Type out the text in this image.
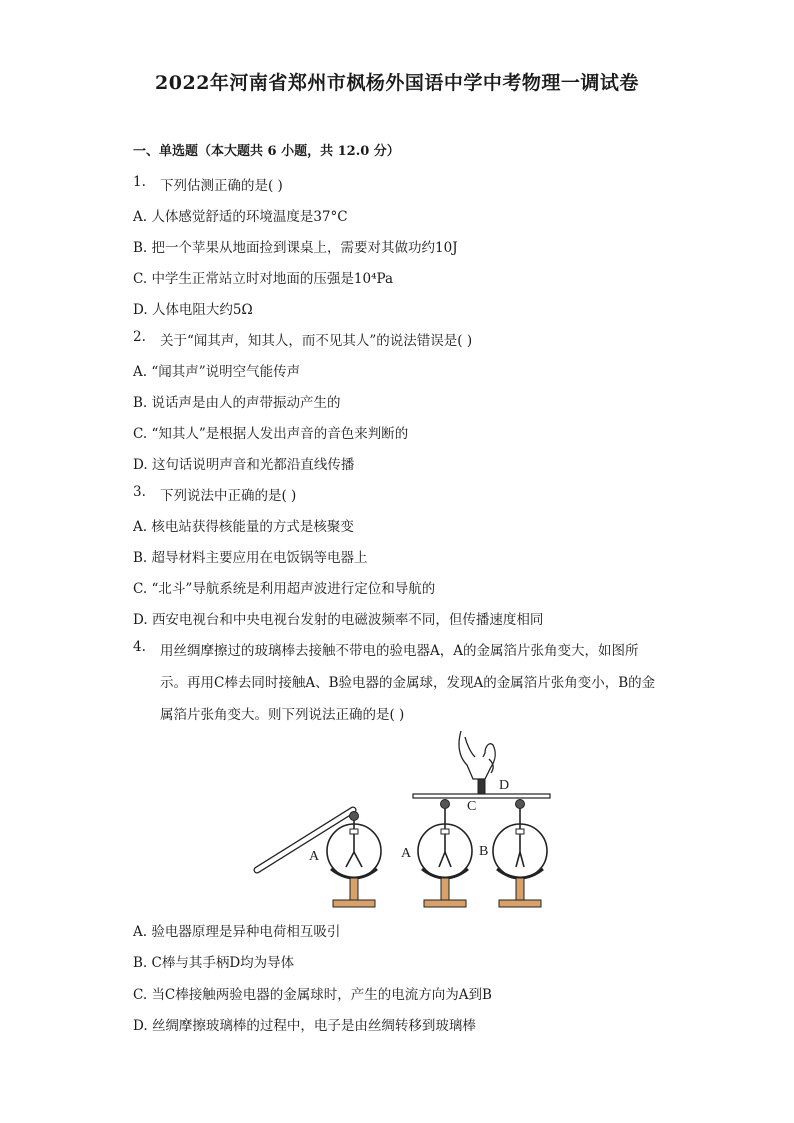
2022年河南省郑州市枫杨外国语中学中考物理一调试卷
一、单选题（本大题共 6 小题，共 12.0 分）
1. 下列估测正确的是( )
A. 人体感觉舒适的环境温度是37°C
B. 把一个苹果从地面捡到课桌上，需要对其做功约10J
C. 中学生正常站立时对地面的压强是10⁴Pa
D. 人体电阻大约5Ω
2. 关于“闻其声，知其人，而不见其人”的说法错误是( )
A. “闻其声”说明空气能传声
B. 说话声是由人的声带振动产生的
C. “知其人”是根据人发出声音的音色来判断的
D. 这句话说明声音和光都沿直线传播
3. 下列说法中正确的是( )
A. 核电站获得核能量的方式是核聚变
B. 超导材料主要应用在电饭锅等电器上
C. “北斗”导航系统是利用超声波进行定位和导航的
D. 西安电视台和中央电视台发射的电磁波频率不同，但传播速度相同
4. 用丝绸摩擦过的玻璃棒去接触不带电的验电器A，A的金属箔片张角变大，如图所
示。再用C棒去同时接触A、B验电器的金属球，发现A的金属箔片张角变小，B的金
属箔片张角变大。则下列说法正确的是( )
A
D
C
A	B
A. 验电器原理是异种电荷相互吸引
B. C棒与其手柄D均为导体
C. 当C棒接触两验电器的金属球时，产生的电流方向为A到B
D. 丝绸摩擦玻璃棒的过程中，电子是由丝绸转移到玻璃棒
